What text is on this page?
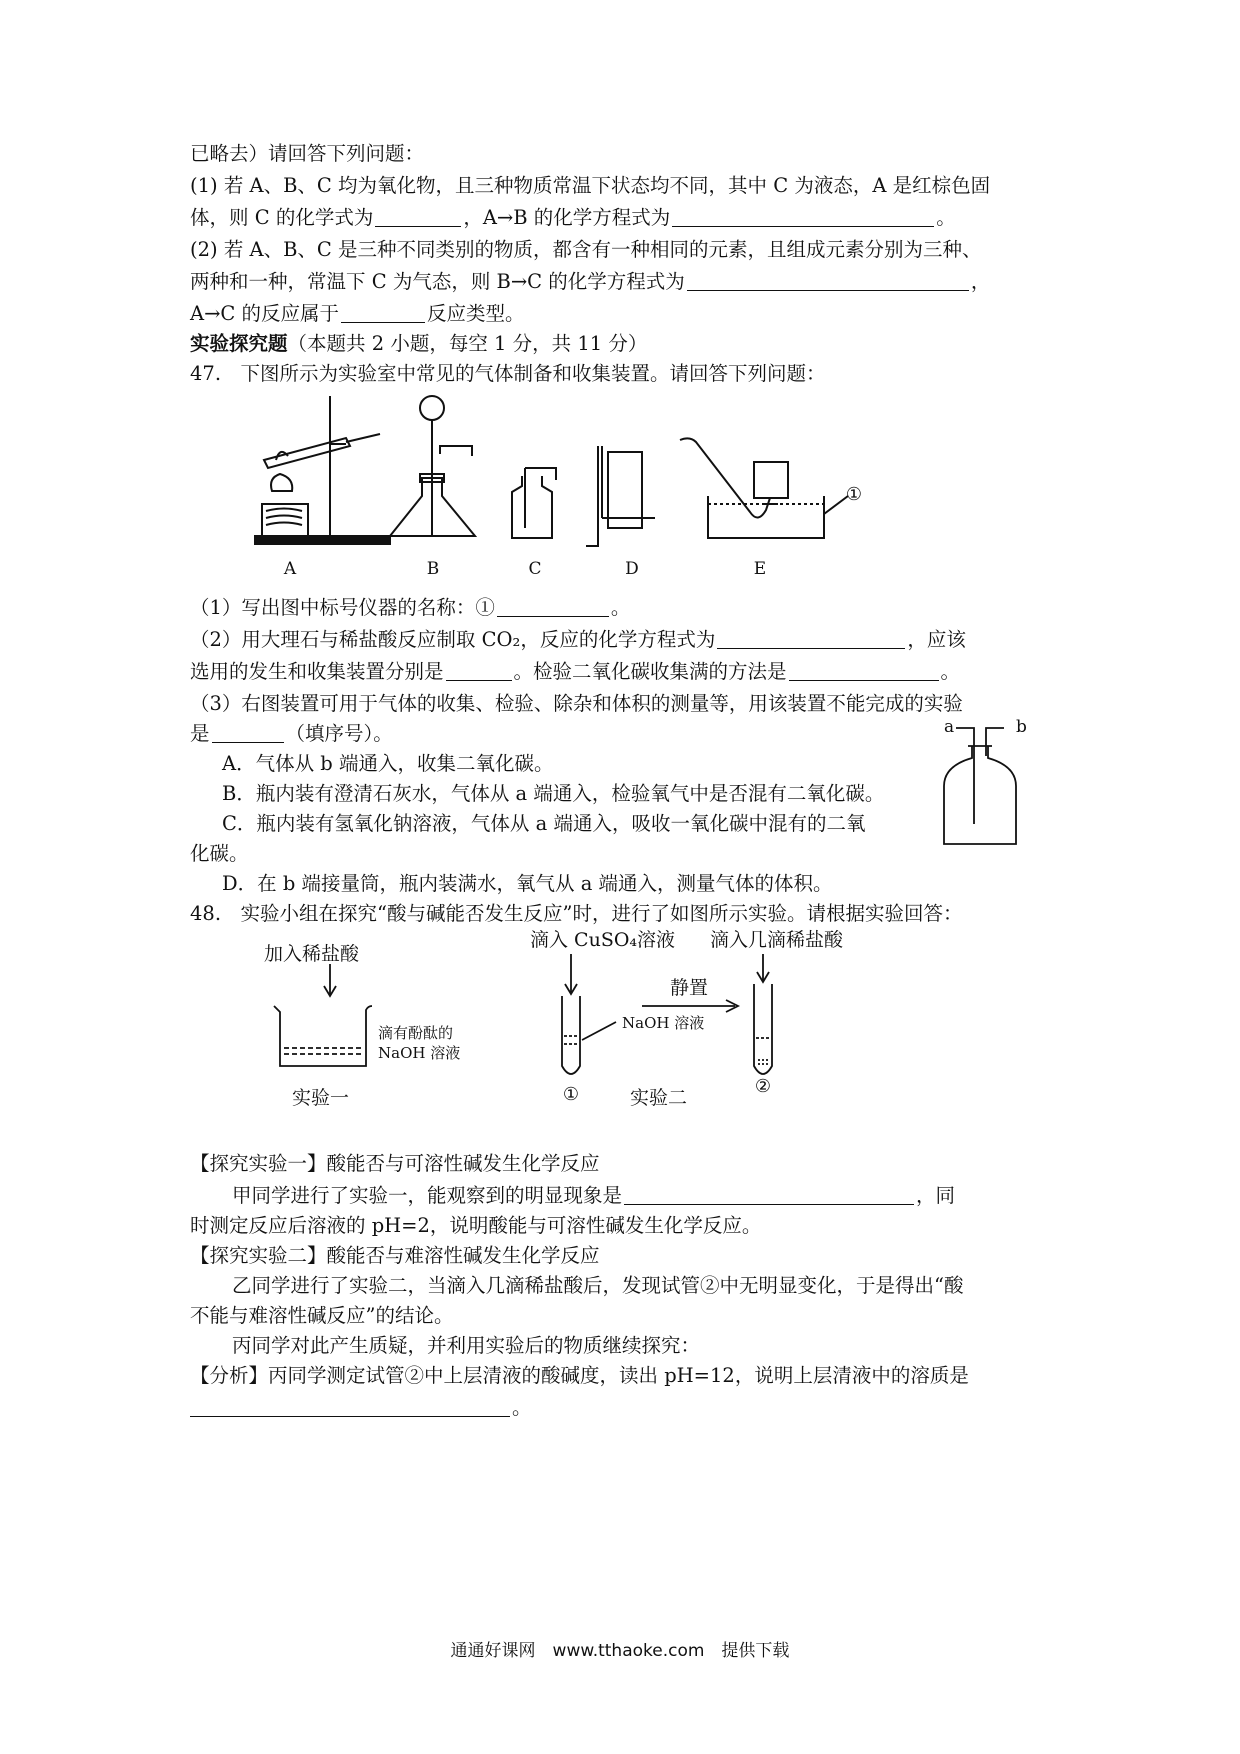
已略去）请回答下列问题：
(1) 若 A、B、C 均为氧化物，且三种物质常温下状态均不同，其中 C 为液态，A 是红棕色固
体，则 C 的化学式为	，A→B 的化学方程式为	。
(2) 若 A、B、C 是三种不同类别的物质，都含有一种相同的元素，且组成元素分别为三种、
两种和一种，常温下 C 为气态，则 B→C 的化学方程式为	，
A→C 的反应属于	反应类型。
实验探究题（本题共 2 小题，每空 1 分，共 11 分）
47.　下图所示为实验室中常见的气体制备和收集装置。请回答下列问题：
A	B	C	D	E
①
（1）写出图中标号仪器的名称：①	。
（2）用大理石与稀盐酸反应制取 CO₂，反应的化学方程式为	，应该
选用的发生和收集装置分别是	。检验二氧化碳收集满的方法是	。
（3）右图装置可用于气体的收集、检验、除杂和体积的测量等，用该装置不能完成的实验
是	（填序号）。
A．气体从 b 端通入，收集二氧化碳。
B．瓶内装有澄清石灰水，气体从 a 端通入，检验氧气中是否混有二氧化碳。
C．瓶内装有氢氧化钠溶液，气体从 a 端通入，吸收一氧化碳中混有的二氧
化碳。
D．在 b 端接量筒，瓶内装满水，氧气从 a 端通入，测量气体的体积。
a	b
48.　实验小组在探究“酸与碱能否发生反应”时，进行了如图所示实验。请根据实验回答：
加入稀盐酸
滴有酚酞的
NaOH 溶液
实验一
滴入 CuSO₄溶液 滴入几滴稀盐酸
静置
NaOH 溶液
①	②
实验二
【探究实验一】酸能否与可溶性碱发生化学反应
甲同学进行了实验一，能观察到的明显现象是	，同
时测定反应后溶液的 pH=2，说明酸能与可溶性碱发生化学反应。
【探究实验二】酸能否与难溶性碱发生化学反应
乙同学进行了实验二，当滴入几滴稀盐酸后，发现试管②中无明显变化，于是得出“酸
不能与难溶性碱反应”的结论。
丙同学对此产生质疑，并利用实验后的物质继续探究：
【分析】丙同学测定试管②中上层清液的酸碱度，读出 pH=12，说明上层清液中的溶质是
。
通通好课网　www.tthaoke.com　提供下载
